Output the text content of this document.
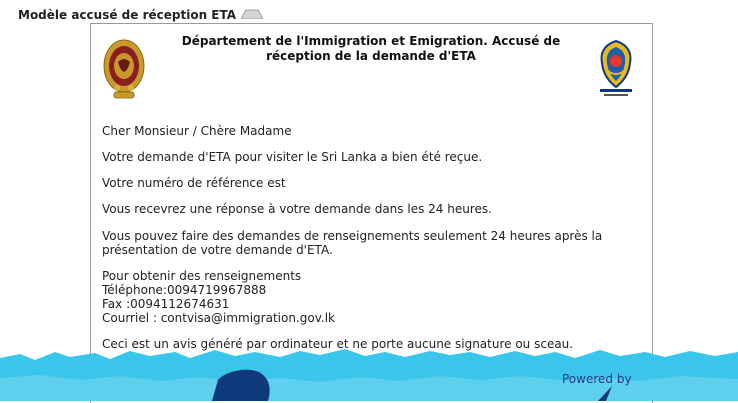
Modèle accusé de réception ETA
Département de l'Immigration et Emigration. Accusé de réception de la demande d'ETA
Cher Monsieur / Chère Madame
Votre demande d'ETA pour visiter le Sri Lanka a bien été reçue.
Votre numéro de référence est
Vous recevrez une réponse à votre demande dans les 24 heures.
Vous pouvez faire des demandes de renseignements seulement 24 heures après la présentation de votre demande d'ETA.
Pour obtenir des renseignements
Téléphone:0094719967888
Fax :0094112674631
Courriel : contvisa@immigration.gov.lk
Ceci est un avis généré par ordinateur et ne porte aucune signature ou sceau.
Powered by
